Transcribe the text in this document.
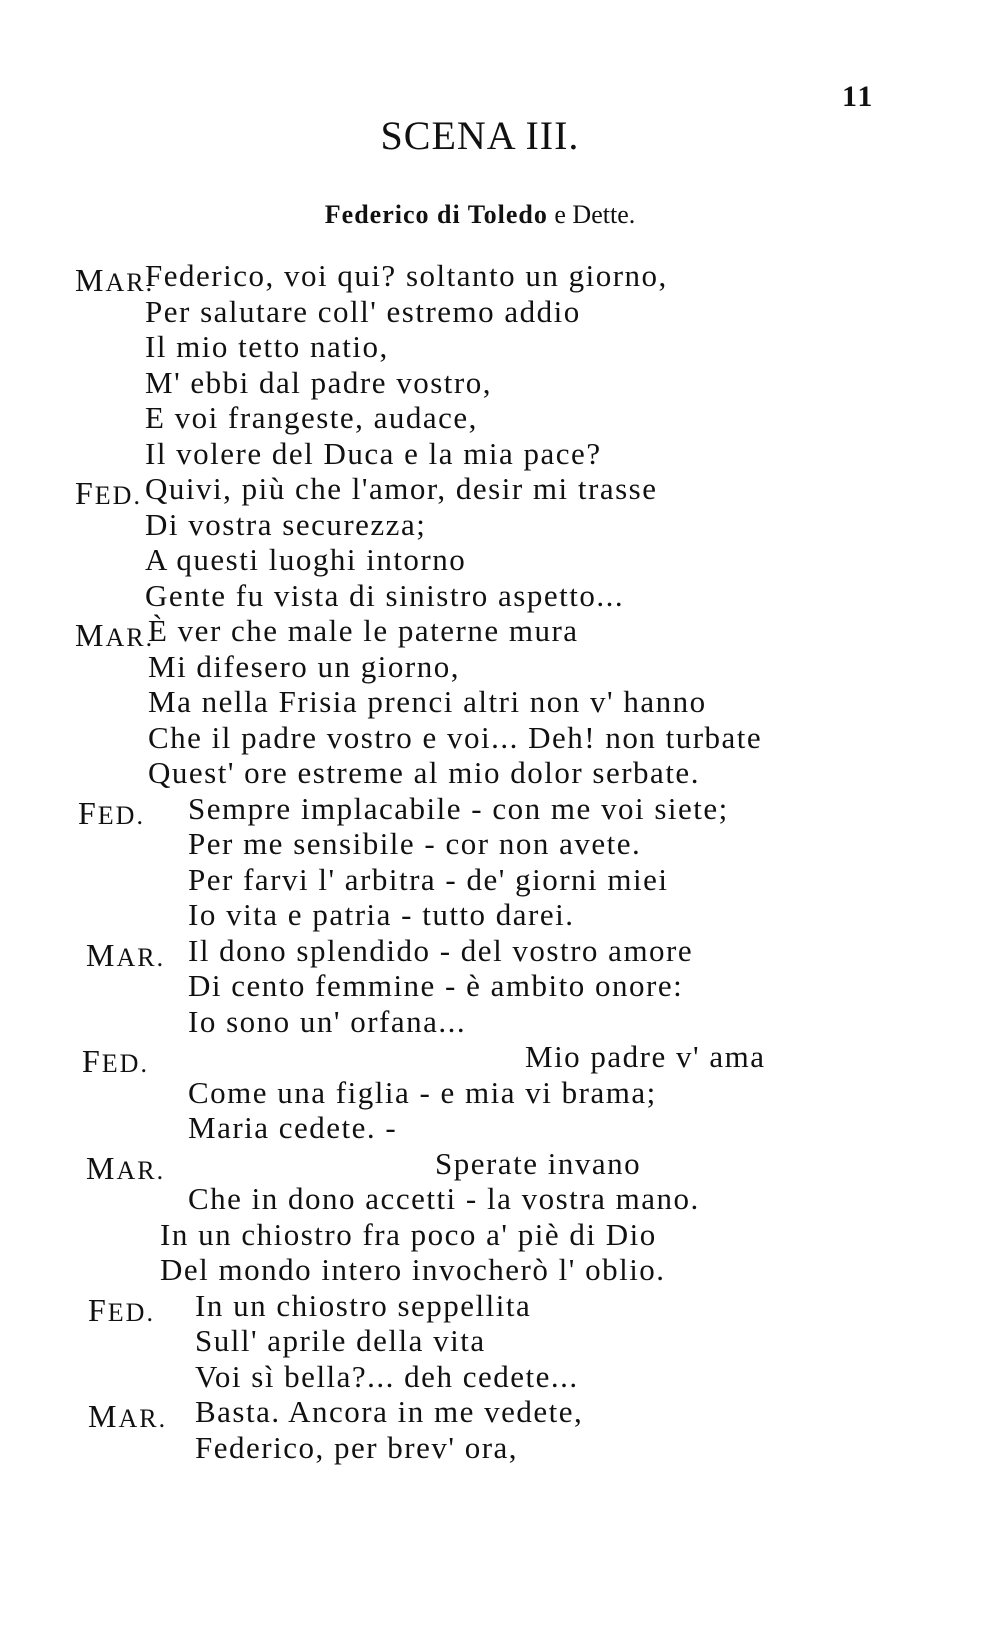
11
SCENA III.
Federico di Toledo e Dette.
MAR.
Federico, voi qui? soltanto un giorno,
Per salutare coll' estremo addio
Il mio tetto natio,
M' ebbi dal padre vostro,
E voi frangeste, audace,
Il volere del Duca e la mia pace?
FED. Quivi, più che l'amor, desir mi trasse
Di vostra securezza;
A questi luoghi intorno
Gente fu vista di sinistro aspetto...
MAR.
È ver che male le paterne mura
Mi difesero un giorno,
Ma nella Frisia prenci altri non v' hanno
Che il padre vostro e voi... Deh! non turbate
Quest' ore estreme al mio dolor serbate.
FED. Sempre implacabile - con me voi siete;
Per me sensibile - cor non avete.
Per farvi l' arbitra - de' giorni miei
Io vita e patria - tutto darei.
MAR. Il dono splendido - del vostro amore
Di cento femmine - è ambito onore:
Io sono un' orfana...
FED.	Mio padre v' ama
Come una figlia - e mia vi brama;
Maria cedete. -
MAR.	Sperate invano
Che in dono accetti - la vostra mano.
In un chiostro fra poco a' piè di Dio
Del mondo intero invocherò l' oblio.
FED. In un chiostro seppellita
Sull' aprile della vita
Voi sì bella?... deh cedete...
MAR. Basta. Ancora in me vedete,
Federico, per brev' ora,
